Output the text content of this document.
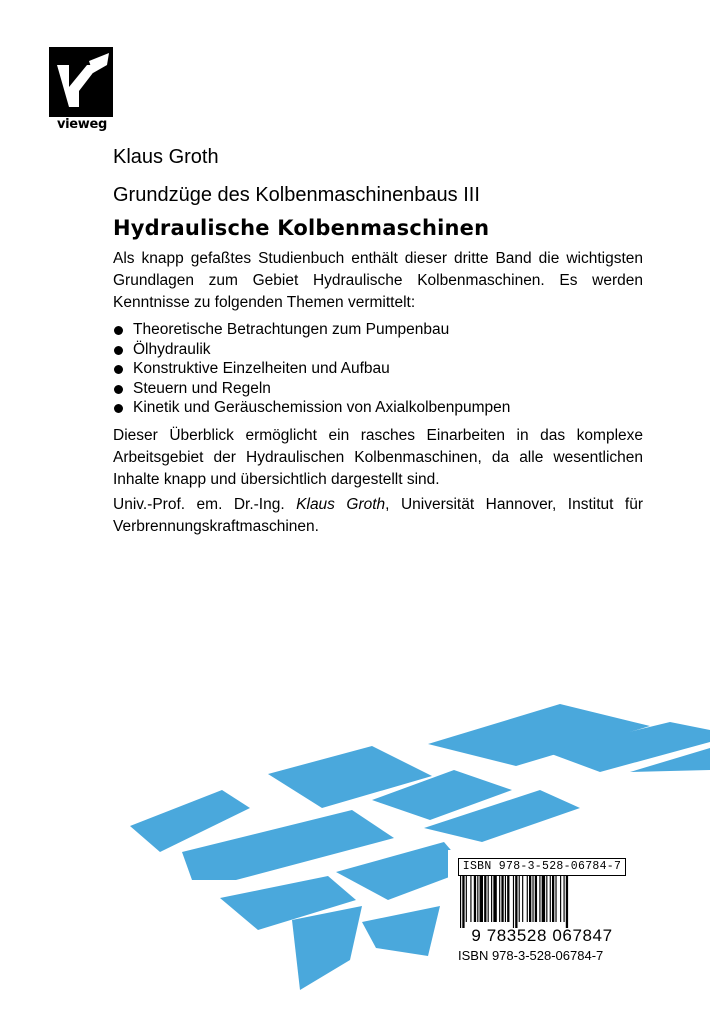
vieweg
Klaus Groth
Grundzüge des Kolbenmaschinenbaus III
Hydraulische Kolbenmaschinen
Als knapp gefaßtes Studienbuch enthält dieser dritte Band die wichtigsten Grundlagen zum Gebiet Hydraulische Kolbenmaschinen. Es werden Kenntnisse zu folgenden Themen vermittelt:
Theoretische Betrachtungen zum Pumpenbau
Ölhydraulik
Konstruktive Einzelheiten und Aufbau
Steuern und Regeln
Kinetik und Geräuschemission von Axialkolbenpumpen
Dieser Überblick ermöglicht ein rasches Einarbeiten in das komplexe Arbeitsgebiet der Hydraulischen Kolbenmaschinen, da alle wesentlichen Inhalte knapp und übersichtlich dargestellt sind.
Univ.-Prof. em. Dr.-Ing. Klaus Groth, Universität Hannover, Institut für Verbrennungskraftmaschinen.
ISBN 978-3-528-06784-7
9 783528 067847
ISBN 978-3-528-06784-7
